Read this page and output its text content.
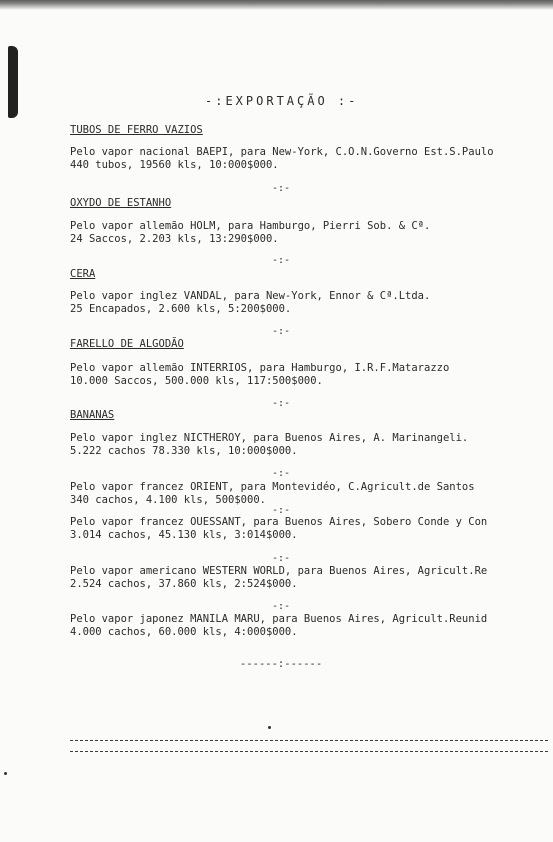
-:EXPORTAÇÃO :-
TUBOS DE FERRO VAZIOS
Pelo vapor nacional BAEPI, para New-York, C.O.N.Governo Est.S.Paulo
440 tubos, 19560 kls, 10:000$000.
-:-
OXYDO DE ESTANHO
Pelo vapor allemão HOLM, para Hamburgo, Pierri Sob. & Cª.
24 Saccos, 2.203 kls, 13:290$000.
-:-
CERA
Pelo vapor inglez VANDAL, para New-York, Ennor & Cª.Ltda.
25 Encapados, 2.600 kls, 5:200$000.
-:-
FARELLO DE ALGODÃO
Pelo vapor allemão INTERRIOS, para Hamburgo, I.R.F.Matarazzo
10.000 Saccos, 500.000 kls, 117:500$000.
-:-
BANANAS
Pelo vapor inglez NICTHEROY, para Buenos Aires, A. Marinangeli.
5.222 cachos 78.330 kls, 10:000$000.
-:-
Pelo vapor francez ORIENT, para Montevidéo, C.Agricult.de Santos
340 cachos, 4.100 kls, 500$000.
-:-
Pelo vapor francez OUESSANT, para Buenos Aires, Sobero Conde y Con
3.014 cachos, 45.130 kls, 3:014$000.
-:-
Pelo vapor americano WESTERN WORLD, para Buenos Aires, Agricult.Re
2.524 cachos, 37.860 kls, 2:524$000.
-:-
Pelo vapor japonez MANILA MARU, para Buenos Aires, Agricult.Reunid
4.000 cachos, 60.000 kls, 4:000$000.
------:------
